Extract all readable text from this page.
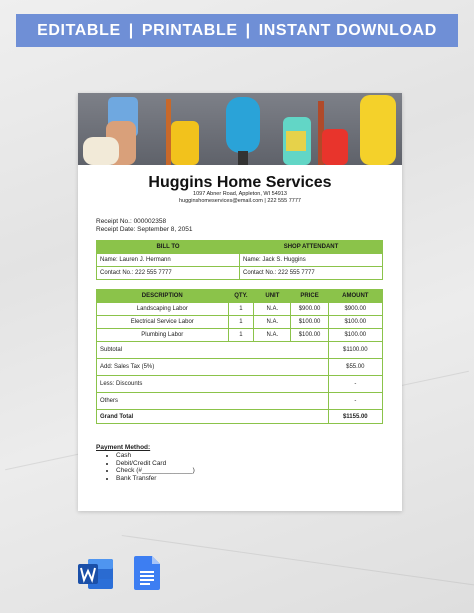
EDITABLE | PRINTABLE | INSTANT DOWNLOAD
Huggins Home Services
1097 Abner Road, Appleton, WI 54913
hugginshomeservices@email.com | 222 555 7777
Receipt No.: 000002358
Receipt Date: September 8, 2051
BILL TO	SHOP ATTENDANT
Name: Lauren J. Hermann	Name: Jack S. Huggins
Contact No.: 222 555 7777	Contact No.: 222 555 7777
DESCRIPTION	QTY.	UNIT	PRICE	AMOUNT
Landscaping Labor	1	N.A.	$900.00	$900.00
Electrical Service Labor	1	N.A.	$100.00	$100.00
Plumbing Labor	1	N.A.	$100.00	$100.00
Subtotal				$1100.00
Add: Sales Tax (5%)				$55.00
Less: Discounts				-
Others				-
Grand Total				$1155.00
Payment Method:
• Cash
• Debit/Credit Card
• Check (#______________)
• Bank Transfer
